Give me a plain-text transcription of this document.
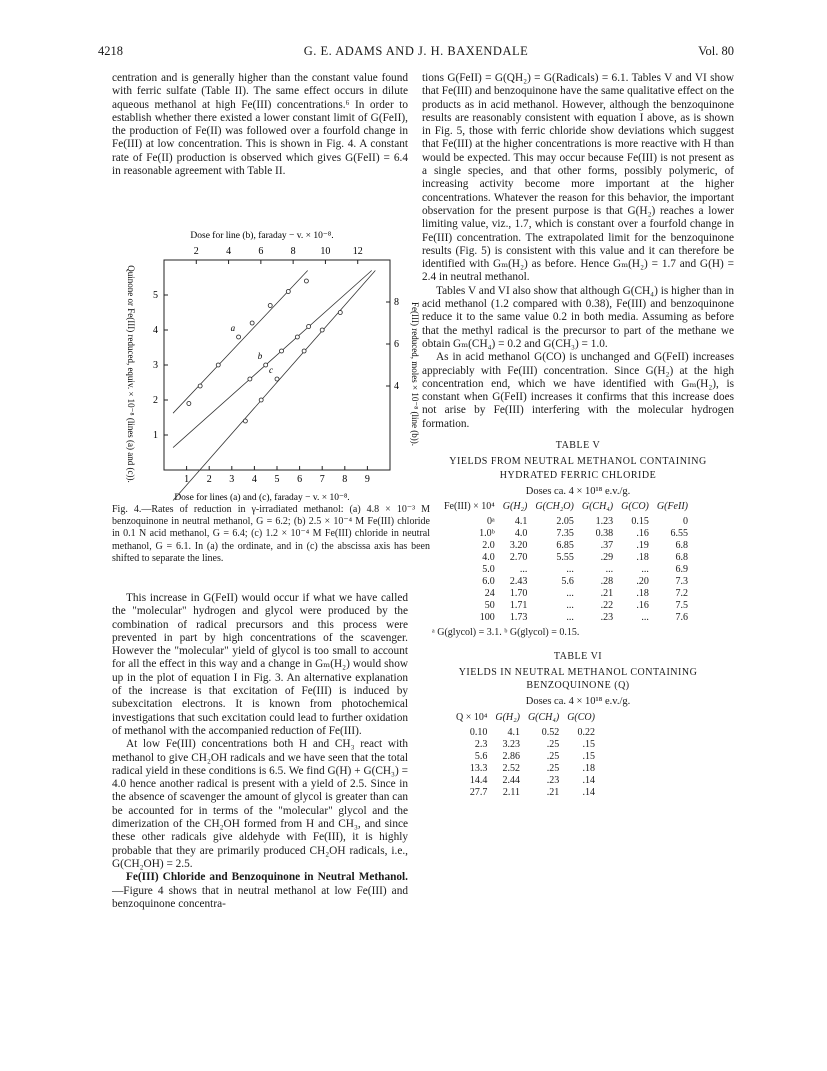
4218	G. E. ADAMS AND J. H. BAXENDALE	Vol. 80

centration and is generally higher than the constant value found with ferric sulfate (Table II). The same effect occurs in dilute aqueous methanol at high Fe(III) concentrations.⁶ In order to establish whether there existed a lower constant limit of G(FeII), the production of Fe(II) was followed over a fourfold change in Fe(III) at low concentration. This is shown in Fig. 4. A constant rate of Fe(II) production is observed which gives G(FeII) = 6.4 in reasonable agreement with Table II.

Dose for line (b), faraday − v. × 10⁻⁸.
1 2 3 4 5 6 7 8 9
2	4	6	8 10 12
1
2
3
4
5
4
6
8
a
b
c
Dose for lines (a) and (c), faraday − v. × 10⁻⁸.
Quinone or Fe(III) reduced, equiv. × 10⁻⁸ (lines (a) and (c)).	Fe(III) reduced, moles × 10⁻⁸ (line (b)).
Fig. 4.—Rates of reduction in γ-irradiated methanol: (a) 4.8 × 10⁻³ M benzoquinone in neutral methanol, G = 6.2; (b) 2.5 × 10⁻⁴ M Fe(III) chloride in 0.1 N acid methanol, G = 6.4; (c) 1.2 × 10⁻⁴ M Fe(III) chloride in neutral methanol, G = 6.1. In (a) the ordinate, and in (c) the abscissa axis has been shifted to separate the lines.

This increase in G(FeII) would occur if what we have called the "molecular" hydrogen and glycol were produced by the combination of radical precursors and this process were prevented in part by high concentrations of the scavenger. However the "molecular" yield of glycol is too small to account for all the effect in this way and a change in Gₘ(H₂) would show up in the plot of equation I in Fig. 3. An alternative explanation of the increase is that excitation of Fe(III) is induced by subexcitation electrons. It is known from photochemical investigations that such excitation could lead to further oxidation of methanol with the accompanied reduction of Fe(III).

At low Fe(III) concentrations both H and CH₃ react with methanol to give CH₂OH radicals and we have seen that the total radical yield in these conditions is 6.5. We find G(H) + G(CH₃) = 4.0 hence another radical is present with a yield of 2.5. Since in the absence of scavenger the amount of glycol is greater than can be accounted for in terms of the "molecular" glycol and the dimerization of the CH₂OH formed from H and CH₃, and since these other radicals give aldehyde with Fe(III), it is highly probable that they are primarily produced CH₂OH radicals, i.e., G(CH₂OH) = 2.5.

Fe(III) Chloride and Benzoquinone in Neutral Methanol.—Figure 4 shows that in neutral methanol at low Fe(III) and benzoquinone concentra-

tions G(FeII) = G(QH₂) = G(Radicals) = 6.1. Tables V and VI show that Fe(III) and benzoquinone have the same qualitative effect on the products as in acid methanol. However, although the benzoquinone results are reasonably consistent with equation I above, as is shown in Fig. 5, those with ferric chloride show deviations which suggest that Fe(III) at the higher concentrations is more reactive with H than would be expected. This may occur because Fe(III) is not present as a single species, and that other forms, possibly polymeric, of increasing activity become more important at the higher concentrations. Whatever the reason for this behavior, the important observation for the present purpose is that G(H₂) reaches a lower limiting value, viz., 1.7, which is constant over a fourfold change in Fe(III) concentration. The extrapolated limit for the benzoquinone results (Fig. 5) is consistent with this value and it can therefore be identified with Gₘ(H₂) as before. Hence Gₘ(H₂) = 1.7 and G(H) = 2.4 in neutral methanol.

Tables V and VI also show that although G(CH₄) is higher than in acid methanol (1.2 compared with 0.38), Fe(III) and benzoquinone reduce it to the same value 0.2 in both media. Assuming as before that the methyl radical is the precursor to part of the methane we obtain Gₘ(CH₄) = 0.2 and G(CH₃) = 1.0.

As in acid methanol G(CO) is unchanged and G(FeII) increases appreciably with Fe(III) concentration. Since G(H₂) at the high concentration end, which we have identified with Gₘ(H₂), is constant when G(FeII) increases it confirms that this increase does not arise by Fe(III) interfering with the molecular hydrogen formation.

TABLE V
YIELDS FROM NEUTRAL METHANOL CONTAINING HYDRATED FERRIC CHLORIDE
Doses ca. 4 × 10¹⁸ e.v./g.
Fe(III) × 10⁴	G(H₂)	G(CH₂O)	G(CH₄)	G(CO)	G(FeII)
0ᵃ	4.1	2.05	1.23	0.15	0
1.0ᵇ	4.0	7.35	0.38	.16	6.55
2.0	3.20	6.85	.37	.19	6.8
4.0	2.70	5.55	.29	.18	6.8
5.0	...	...	...	...	6.9
6.0	2.43	5.6	.28	.20	7.3
24	1.70	...	.21	.18	7.2
50	1.71	...	.22	.16	7.5
100	1.73	...	.23	...	7.6
ᵃ G(glycol) = 3.1. ᵇ G(glycol) = 0.15.
TABLE VI
YIELDS IN NEUTRAL METHANOL CONTAINING BENZOQUINONE (Q)
Doses ca. 4 × 10¹⁸ e.v./g.
Q × 10⁴	G(H₂)	G(CH₄)	G(CO)
0.10	4.1	0.52	0.22
2.3	3.23	.25	.15
5.6	2.86	.25	.15
13.3	2.52	.25	.18
14.4	2.44	.23	.14
27.7	2.11	.21	.14
